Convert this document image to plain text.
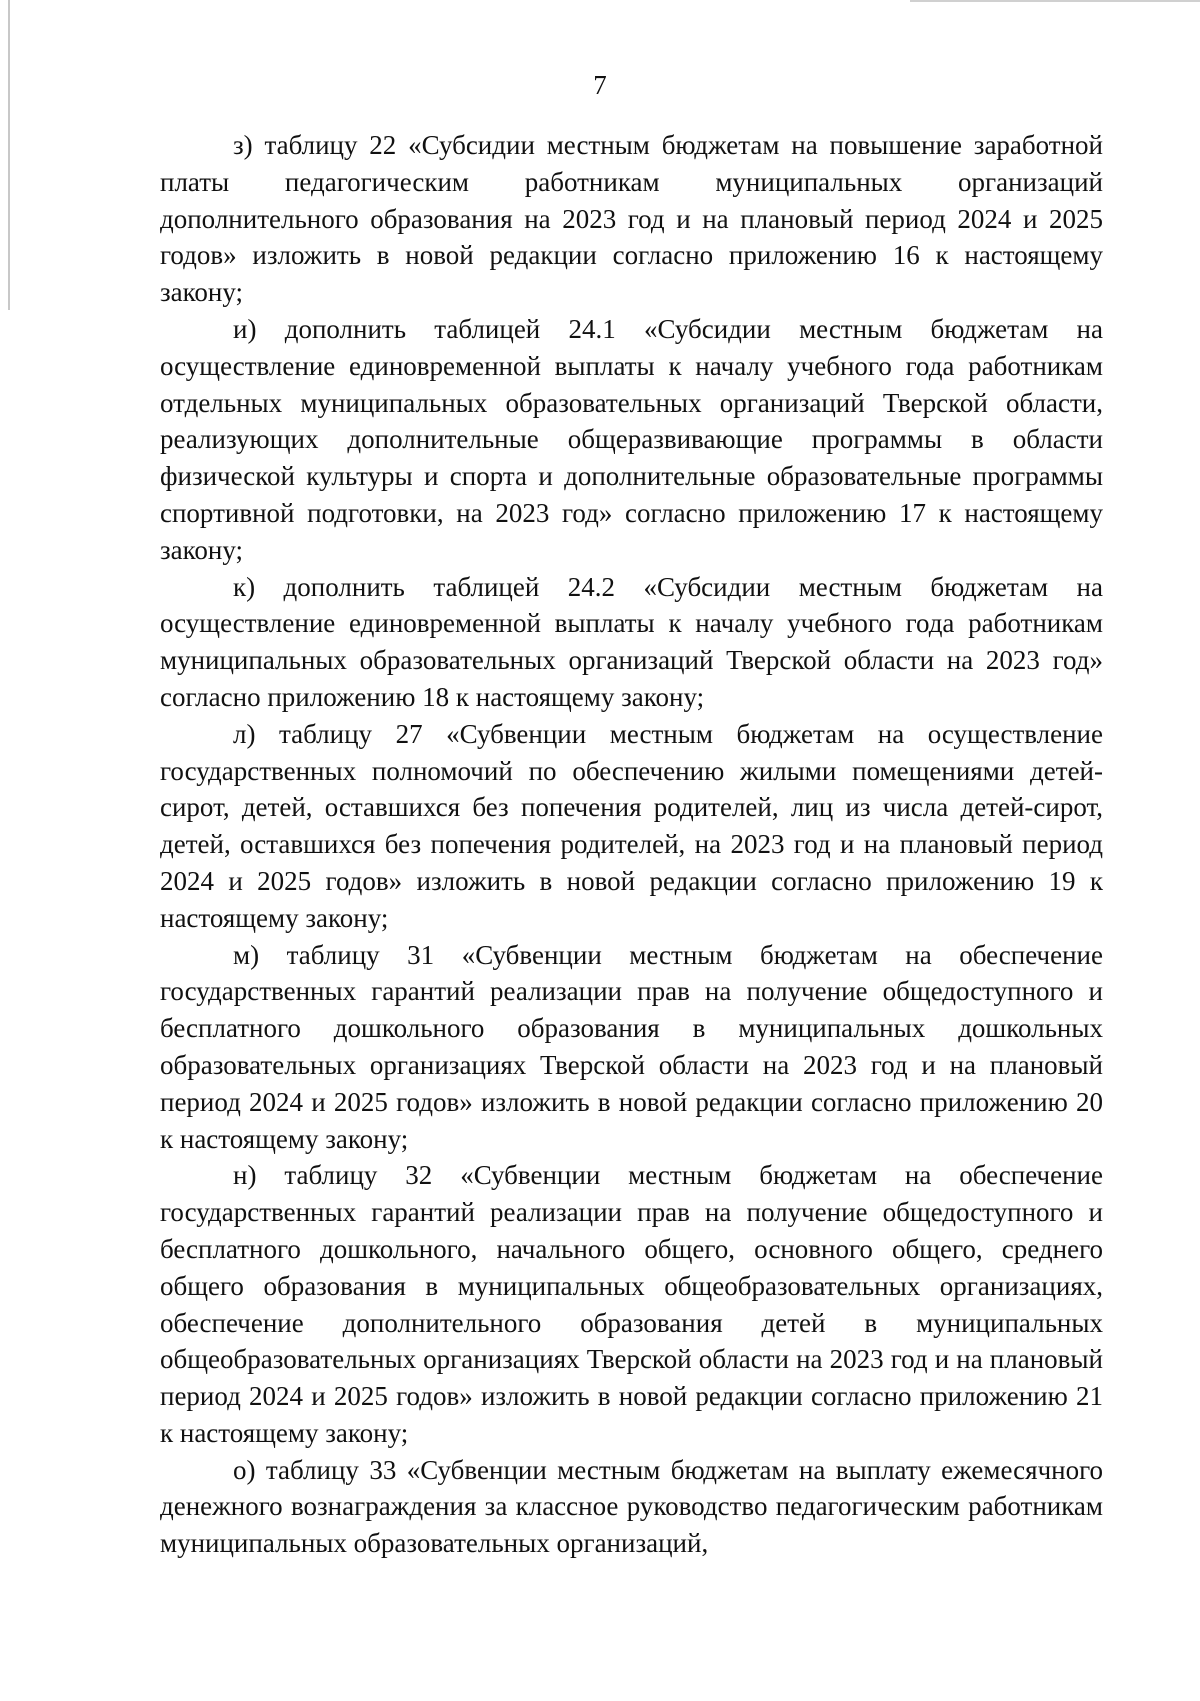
7

з) таблицу 22 «Субсидии местным бюджетам на повышение заработной платы педагогическим работникам муниципальных организаций дополнительного образования на 2023 год и на плановый период 2024 и 2025 годов» изложить в новой редакции согласно приложению 16 к настоящему закону;

и) дополнить таблицей 24.1 «Субсидии местным бюджетам на осуществление единовременной выплаты к началу учебного года работникам отдельных муниципальных образовательных организаций Тверской области, реализующих дополнительные общеразвивающие программы в области физической культуры и спорта и дополнительные образовательные программы спортивной подготовки, на 2023 год» согласно приложению 17 к настоящему закону;

к) дополнить таблицей 24.2 «Субсидии местным бюджетам на осуществление единовременной выплаты к началу учебного года работникам муниципальных образовательных организаций Тверской области на 2023 год» согласно приложению 18 к настоящему закону;

л) таблицу 27 «Субвенции местным бюджетам на осуществление государственных полномочий по обеспечению жилыми помещениями детей-сирот, детей, оставшихся без попечения родителей, лиц из числа детей-сирот, детей, оставшихся без попечения родителей, на 2023 год и на плановый период 2024 и 2025 годов» изложить в новой редакции согласно приложению 19 к настоящему закону;

м) таблицу 31 «Субвенции местным бюджетам на обеспечение государственных гарантий реализации прав на получение общедоступного и бесплатного дошкольного образования в муниципальных дошкольных образовательных организациях Тверской области на 2023 год и на плановый период 2024 и 2025 годов» изложить в новой редакции согласно приложению 20 к настоящему закону;

н) таблицу 32 «Субвенции местным бюджетам на обеспечение государственных гарантий реализации прав на получение общедоступного и бесплатного дошкольного, начального общего, основного общего, среднего общего образования в муниципальных общеобразовательных организациях, обеспечение дополнительного образования детей в муниципальных общеобразовательных организациях Тверской области на 2023 год и на плановый период 2024 и 2025 годов» изложить в новой редакции согласно приложению 21 к настоящему закону;

о) таблицу 33 «Субвенции местным бюджетам на выплату ежемесячного денежного вознаграждения за классное руководство педагогическим работникам муниципальных образовательных организаций,
